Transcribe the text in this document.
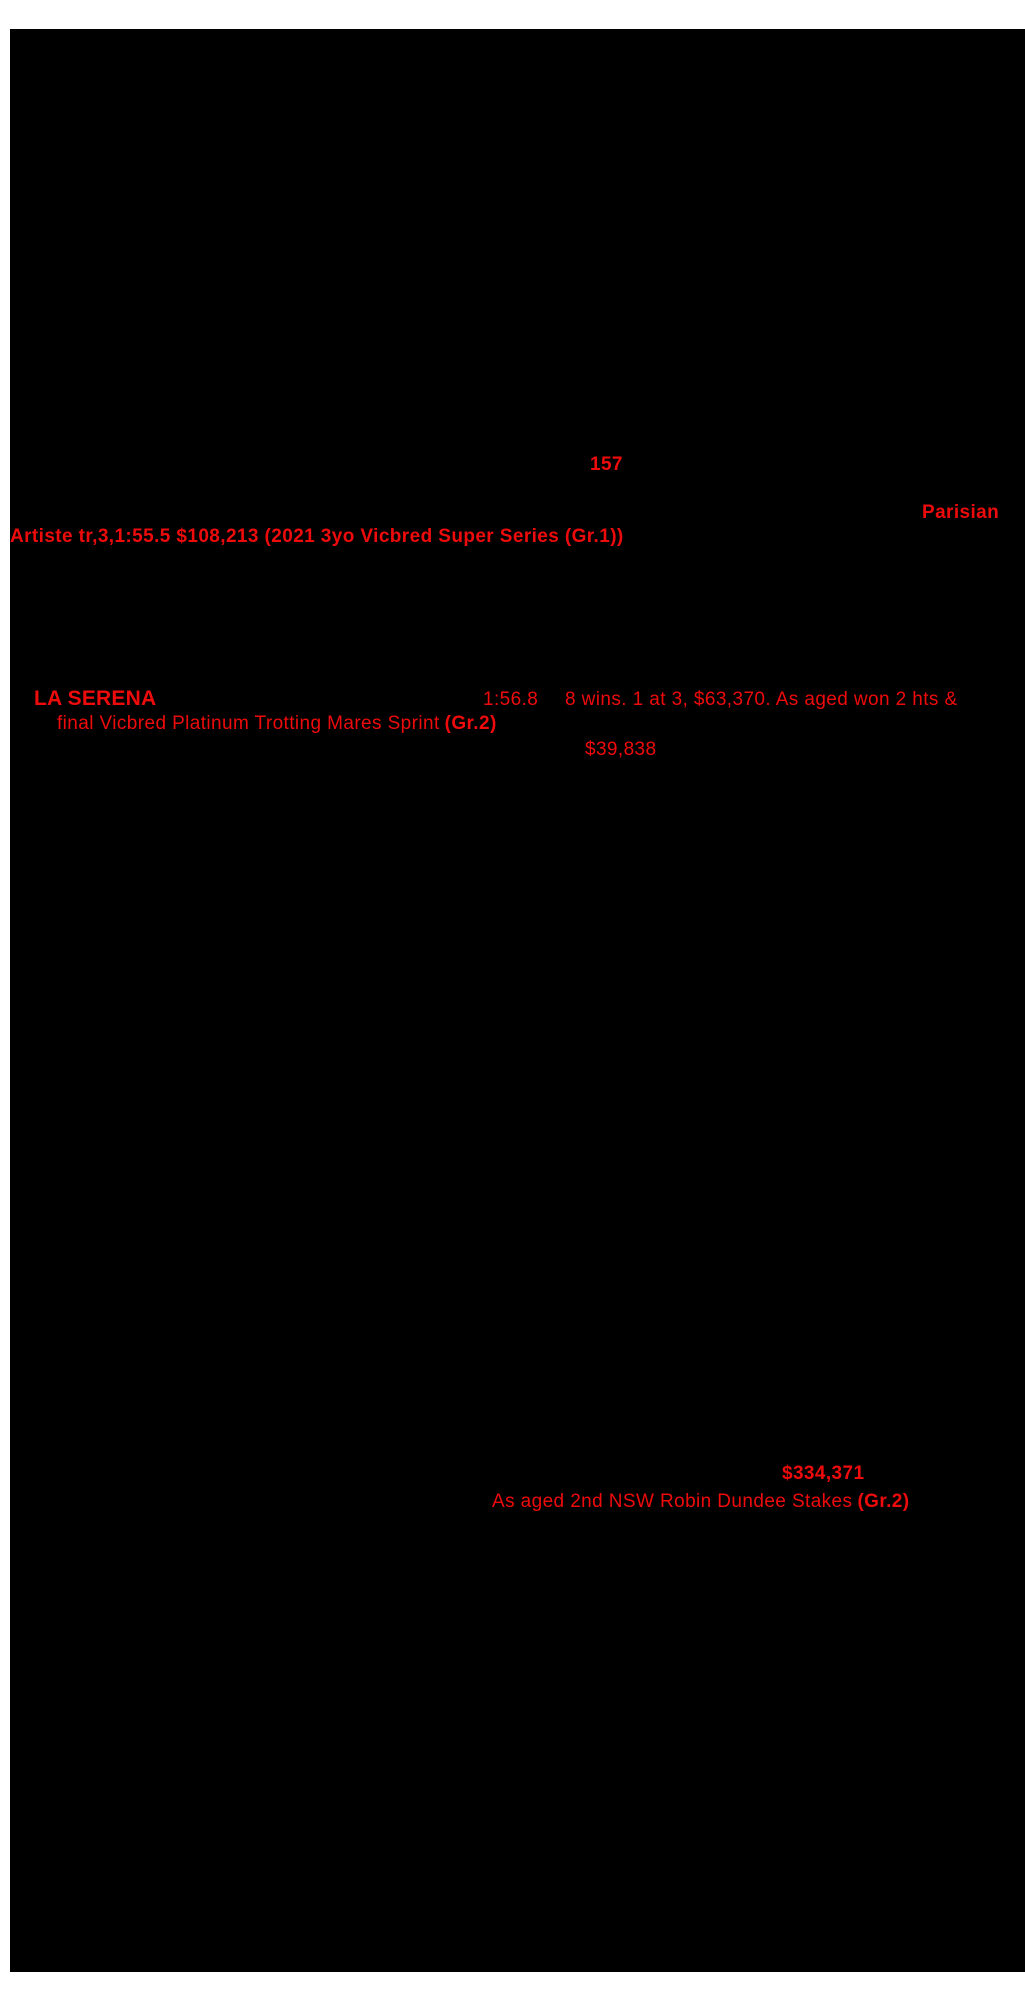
157
Parisian
Artiste tr,3,1:55.5 $108,213 (2021 3yo Vicbred Super Series (Gr.1))
LA SERENA	1:56.8 8 wins. 1 at 3, $63,370. As aged won 2 hts &
final Vicbred Platinum Trotting Mares Sprint (Gr.2)
$39,838
$334,371
As aged 2nd NSW Robin Dundee Stakes (Gr.2)
